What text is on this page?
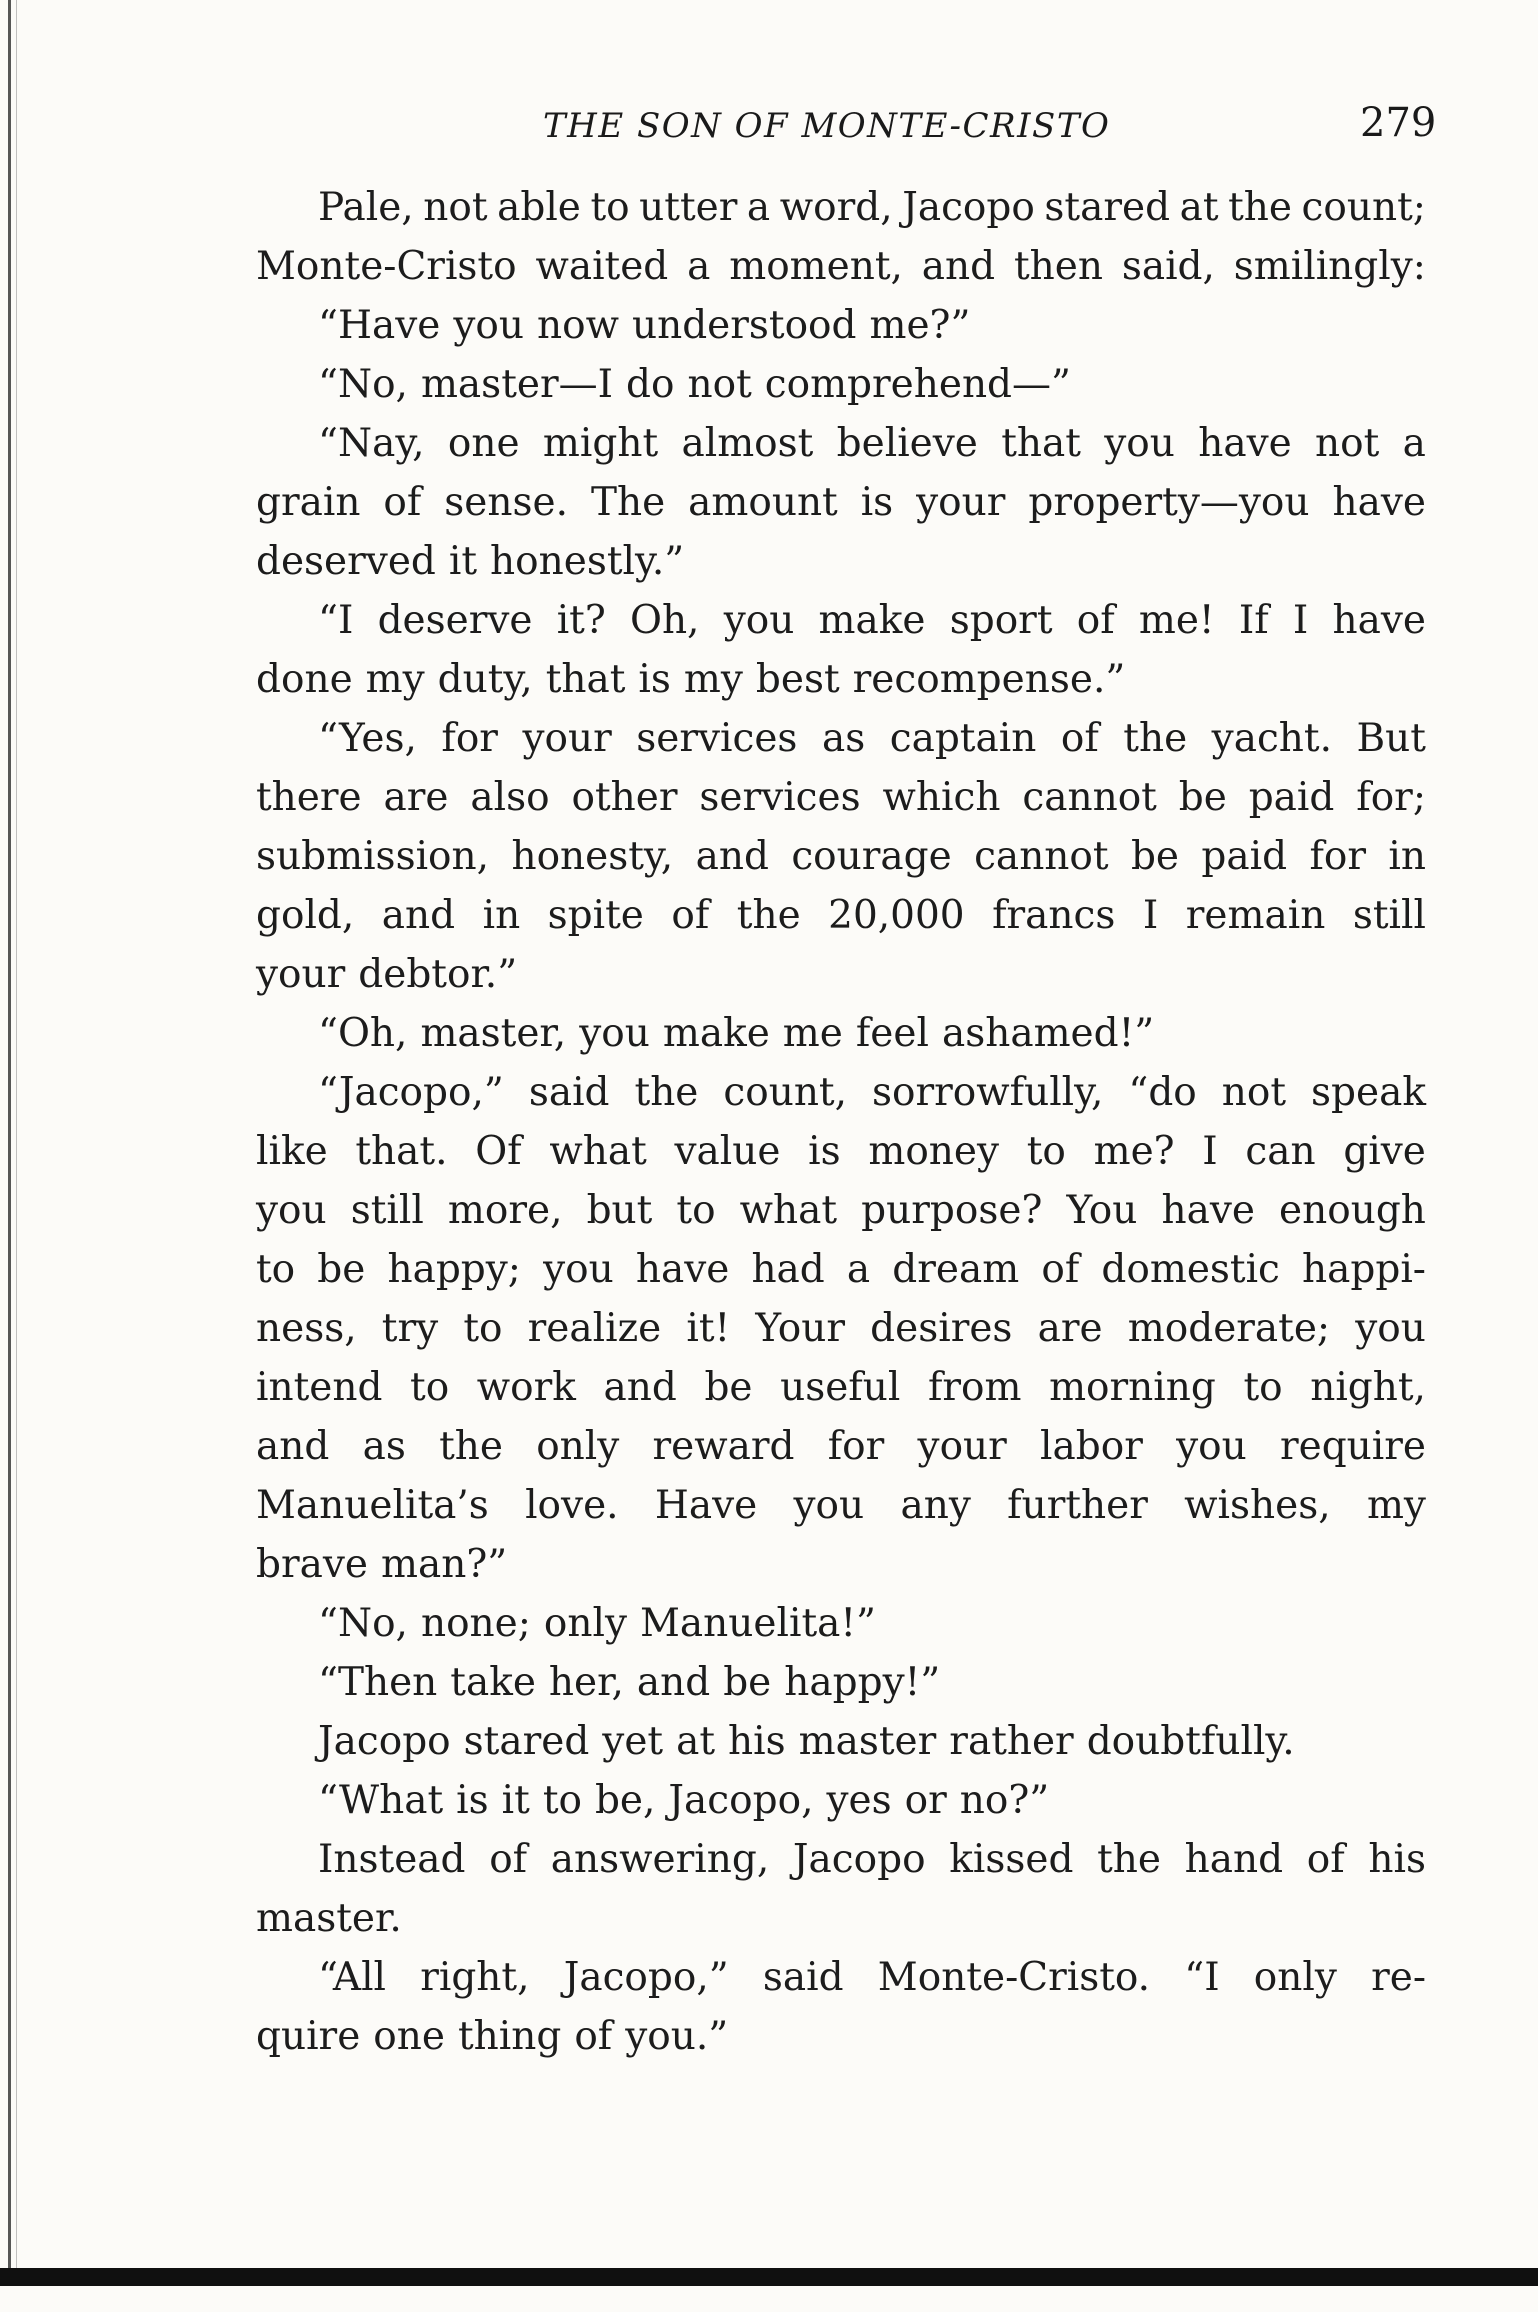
THE SON OF MONTE-CRISTO	279
Pale, not able to utter a word, Jacopo stared at the count;
Monte-Cristo waited a moment, and then said, smilingly:
“Have you now understood me?”
“No, master—I do not comprehend—”
“Nay, one might almost believe that you have not a
grain of sense. The amount is your property—you have
deserved it honestly.”
“I deserve it? Oh, you make sport of me! If I have
done my duty, that is my best recompense.”
“Yes, for your services as captain of the yacht. But
there are also other services which cannot be paid for;
submission, honesty, and courage cannot be paid for in
gold, and in spite of the 20,000 francs I remain still
your debtor.”
“Oh, master, you make me feel ashamed!”
“Jacopo,” said the count, sorrowfully, “do not speak
like that. Of what value is money to me? I can give
you still more, but to what purpose? You have enough
to be happy; you have had a dream of domestic happi-
ness, try to realize it! Your desires are moderate; you
intend to work and be useful from morning to night,
and as the only reward for your labor you require
Manuelita’s love. Have you any further wishes, my
brave man?”
“No, none; only Manuelita!”
“Then take her, and be happy!”
Jacopo stared yet at his master rather doubtfully.
“What is it to be, Jacopo, yes or no?”
Instead of answering, Jacopo kissed the hand of his
master.
“All right, Jacopo,” said Monte-Cristo. “I only re-
quire one thing of you.”
